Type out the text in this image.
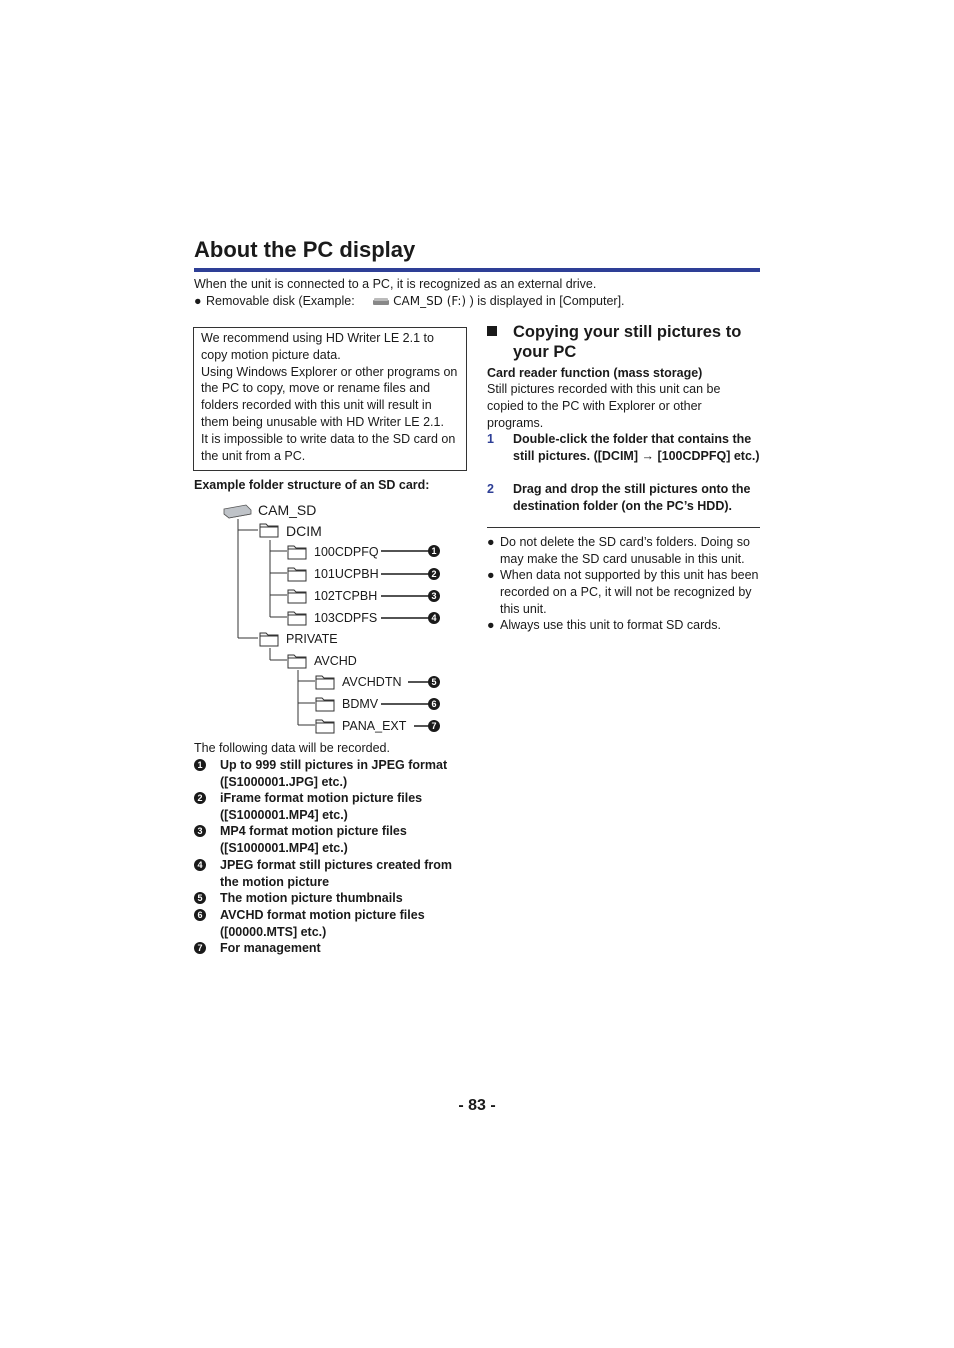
About the PC display
When the unit is connected to a PC, it is recognized as an external drive.
● Removable disk (Example:	CAM_SD (F:) ) is displayed in [Computer].
We recommend using HD Writer LE 2.1 to copy motion picture data.
Using Windows Explorer or other programs on the PC to copy, move or rename files and folders recorded with this unit will result in them being unusable with HD Writer LE 2.1.
It is impossible to write data to the SD card on the unit from a PC.
Example folder structure of an SD card:
CAM_SD
DCIM
100CDPFQ
101UCPBH
102TCPBH
103CDPFS
PRIVATE
AVCHD
AVCHDTN
BDMV
PANA_EXT
1
2
3
4
5
6
7
The following data will be recorded.
1 Up to 999 still pictures in JPEG format ([S1000001.JPG] etc.)
2 iFrame format motion picture files ([S1000001.MP4] etc.)
3 MP4 format motion picture files ([S1000001.MP4] etc.)
4 JPEG format still pictures created from the motion picture
5 The motion picture thumbnails
6 AVCHD format motion picture files ([00000.MTS] etc.)
7 For management
Copying your still pictures to your PC
Card reader function (mass storage)
Still pictures recorded with this unit can be copied to the PC with Explorer or other programs.
1 Double-click the folder that contains the still pictures. ([DCIM] → [100CDPFQ] etc.)
2 Drag and drop the still pictures onto the destination folder (on the PC’s HDD).
● Do not delete the SD card’s folders. Doing so may make the SD card unusable in this unit.
● When data not supported by this unit has been recorded on a PC, it will not be recognized by this unit.
● Always use this unit to format SD cards.
- 83 -
